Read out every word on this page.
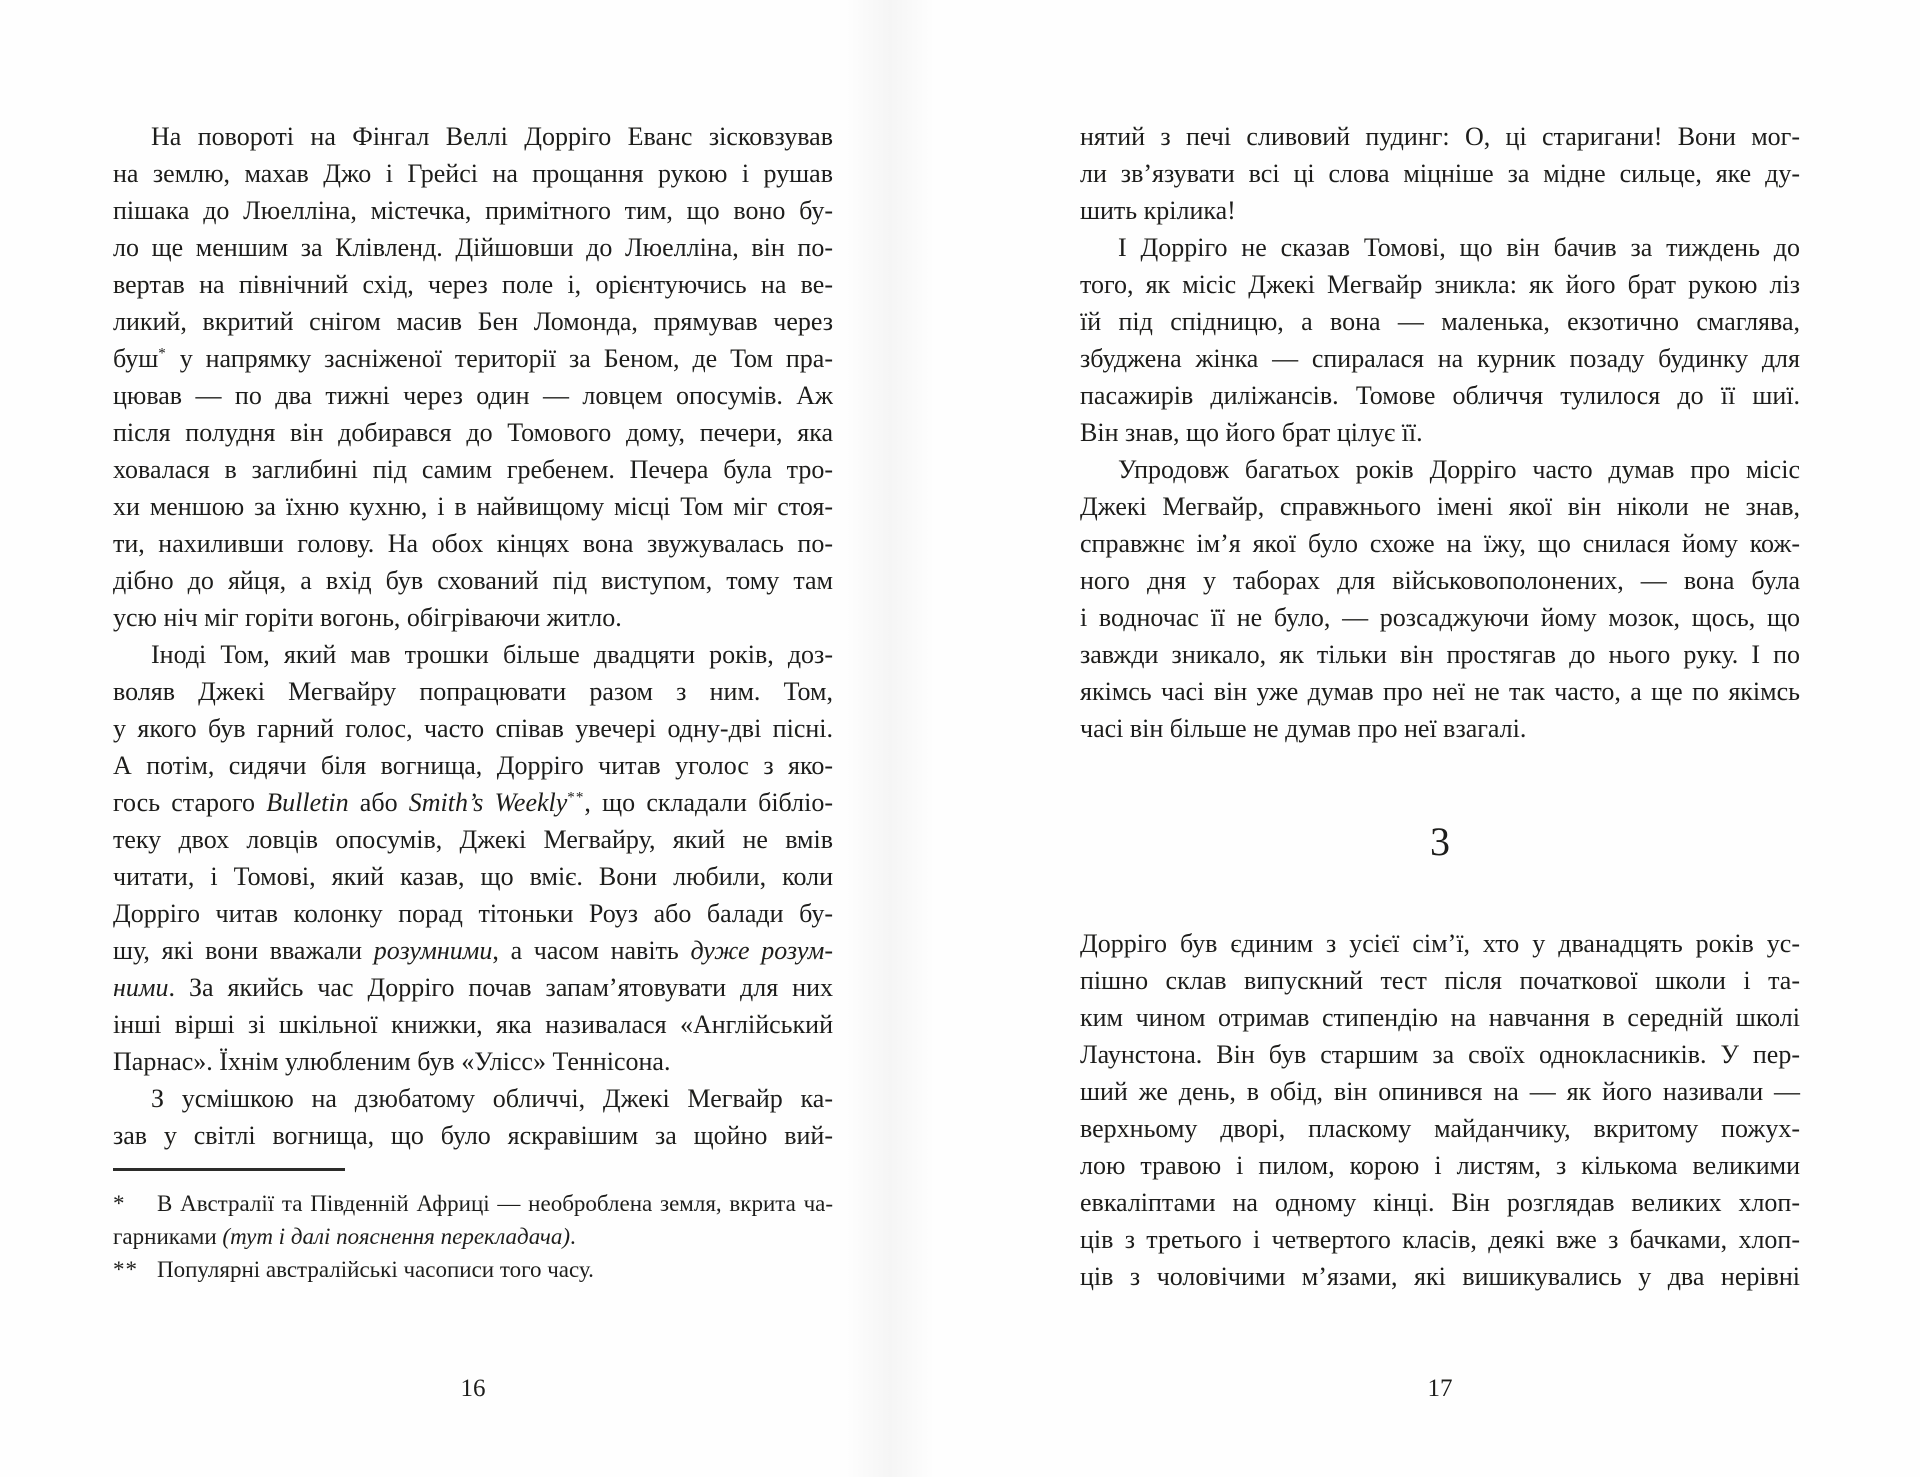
На повороті на Фінгал Веллі Дорріго Еванс зісковзував
на землю, махав Джо і Грейсі на прощання рукою і рушав
пішака до Люелліна, містечка, примітного тим, що воно бу-
ло ще меншим за Клівленд. Дійшовши до Люелліна, він по-
вертав на північний схід, через поле і, орієнтуючись на ве-
ликий, вкритий снігом масив Бен Ломонда, прямував через
буш* у напрямку засніженої території за Беном, де Том пра-
цював — по два тижні через один — ловцем опосумів. Аж
після полудня він добирався до Томового дому, печери, яка
ховалася в заглибині під самим гребенем. Печера була тро-
хи меншою за їхню кухню, і в найвищому місці Том міг стоя-
ти, нахиливши голову. На обох кінцях вона звужувалась по-
дібно до яйця, а вхід був схований під виступом, тому там
усю ніч міг горіти вогонь, обігріваючи житло.
Іноді Том, який мав трошки більше двадцяти років, доз-
воляв Джекі Мегвайру попрацювати разом з ним. Том,
у якого був гарний голос, часто співав увечері одну-дві пісні.
А потім, сидячи біля вогнища, Дорріго читав уголос з яко-
гось старого Bulletin або Smith’s Weekly**, що складали бібліо-
теку двох ловців опосумів, Джекі Мегвайру, який не вмів
читати, і Томові, який казав, що вміє. Вони любили, коли
Дорріго читав колонку порад тітоньки Роуз або балади бу-
шу, які вони вважали розумними, а часом навіть дуже розум-
ними. За якийсь час Дорріго почав запам’ятовувати для них
інші вірші зі шкільної книжки, яка називалася «Англійський
Парнас». Їхнім улюбленим був «Улісс» Теннісона.
З усмішкою на дзюбатому обличчі, Джекі Мегвайр ка-
зав у світлі вогнища, що було яскравішим за щойно вий-
* В Австралії та Південній Африці — необроблена земля, вкрита ча-
гарниками (тут і далі пояснення перекладача).
** Популярні австралійські часописи того часу.
нятий з печі сливовий пудинг: О, ці старигани! Вони мог-
ли зв’язувати всі ці слова міцніше за мідне сильце, яке ду-
шить крілика!
І Дорріго не сказав Томові, що він бачив за тиждень до
того, як місіс Джекі Мегвайр зникла: як його брат рукою ліз
їй під спідницю, а вона — маленька, екзотично смаглява,
збуджена жінка — спиралася на курник позаду будинку для
пасажирів диліжансів. Томове обличчя тулилося до її шиї.
Він знав, що його брат цілує її.
Упродовж багатьох років Дорріго часто думав про місіс
Джекі Мегвайр, справжнього імені якої він ніколи не знав,
справжнє ім’я якої було схоже на їжу, що снилася йому кож-
ного дня у таборах для військовополонених, — вона була
і водночас її не було, — розсаджуючи йому мозок, щось, що
завжди зникало, як тільки він простягав до нього руку. І по
якімсь часі він уже думав про неї не так часто, а ще по якімсь
часі він більше не думав про неї взагалі.
3
Дорріго був єдиним з усієї сім’ї, хто у дванадцять років ус-
пішно склав випускний тест після початкової школи і та-
ким чином отримав стипендію на навчання в середній школі
Лаунстона. Він був старшим за своїх однокласників. У пер-
ший же день, в обід, він опинився на — як його називали —
верхньому дворі, пласкому майданчику, вкритому пожух-
лою травою і пилом, корою і листям, з кількома великими
евкаліптами на одному кінці. Він розглядав великих хлоп-
ців з третього і четвертого класів, деякі вже з бачками, хлоп-
ців з чоловічими м’язами, які вишикувались у два нерівні
16	17
